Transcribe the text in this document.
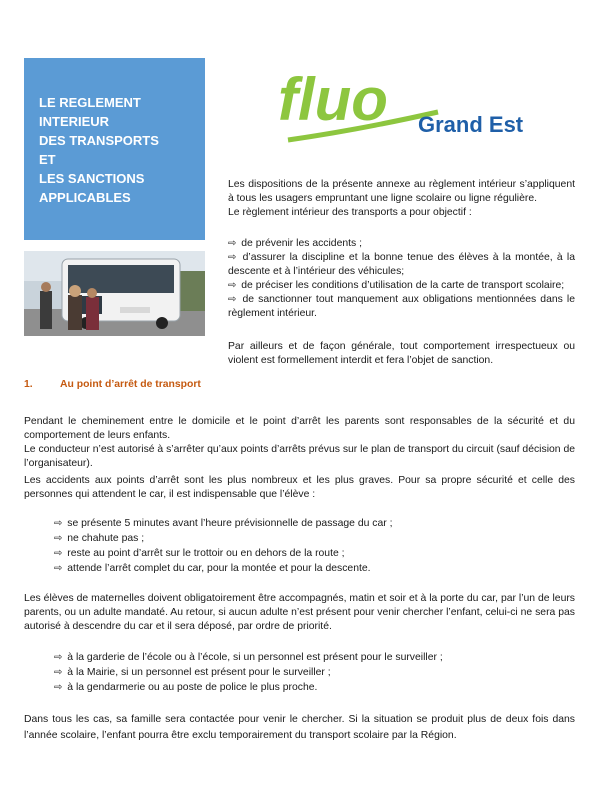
LE REGLEMENT
INTERIEUR
DES TRANSPORTS
ET
LES SANCTIONS
APPLICABLES
fluo Grand Est

Les dispositions de la présente annexe au règlement intérieur s’appliquent à tous les usagers empruntant une ligne scolaire ou ligne régulière.

Le règlement intérieur des transports a pour objectif :

⇨ de prévenir les accidents ;
⇨ d’assurer la discipline et la bonne tenue des élèves à la montée, à la descente et à l’intérieur des véhicules;
⇨ de préciser les conditions d’utilisation de la carte de transport scolaire;
⇨ de sanctionner tout manquement aux obligations mentionnées dans le règlement intérieur.

Par ailleurs et de façon générale, tout comportement irrespectueux ou violent est formellement interdit et fera l’objet de sanction.

1.	Au point d’arrêt de transport

Pendant le cheminement entre le domicile et le point d’arrêt les parents sont responsables de la sécurité et du comportement de leurs enfants.

Le conducteur n’est autorisé à s’arrêter qu’aux points d’arrêts prévus sur le plan de transport du circuit (sauf décision de l’organisateur).

Les accidents aux points d’arrêt sont les plus nombreux et les plus graves. Pour sa propre sécurité et celle des personnes qui attendent le car, il est indispensable que l’élève :

⇨ se présente 5 minutes avant l’heure prévisionnelle de passage du car ;
⇨ ne chahute pas ;
⇨ reste au point d’arrêt sur le trottoir ou en dehors de la route ;
⇨ attende l’arrêt complet du car, pour la montée et pour la descente.

Les élèves de maternelles doivent obligatoirement être accompagnés, matin et soir et à la porte du car, par l’un de leurs parents, ou un adulte mandaté. Au retour, si aucun adulte n’est présent pour venir chercher l’enfant, celui-ci ne sera pas autorisé à descendre du car et il sera déposé, par ordre de priorité.

⇨ à la garderie de l’école ou à l’école, si un personnel est présent pour le surveiller ;
⇨ à la Mairie, si un personnel est présent pour le surveiller ;
⇨ à la gendarmerie ou au poste de police le plus proche.

Dans tous les cas, sa famille sera contactée pour venir le chercher. Si la situation se produit plus de deux fois dans l’année scolaire, l’enfant pourra être exclu temporairement du transport scolaire par la Région.
